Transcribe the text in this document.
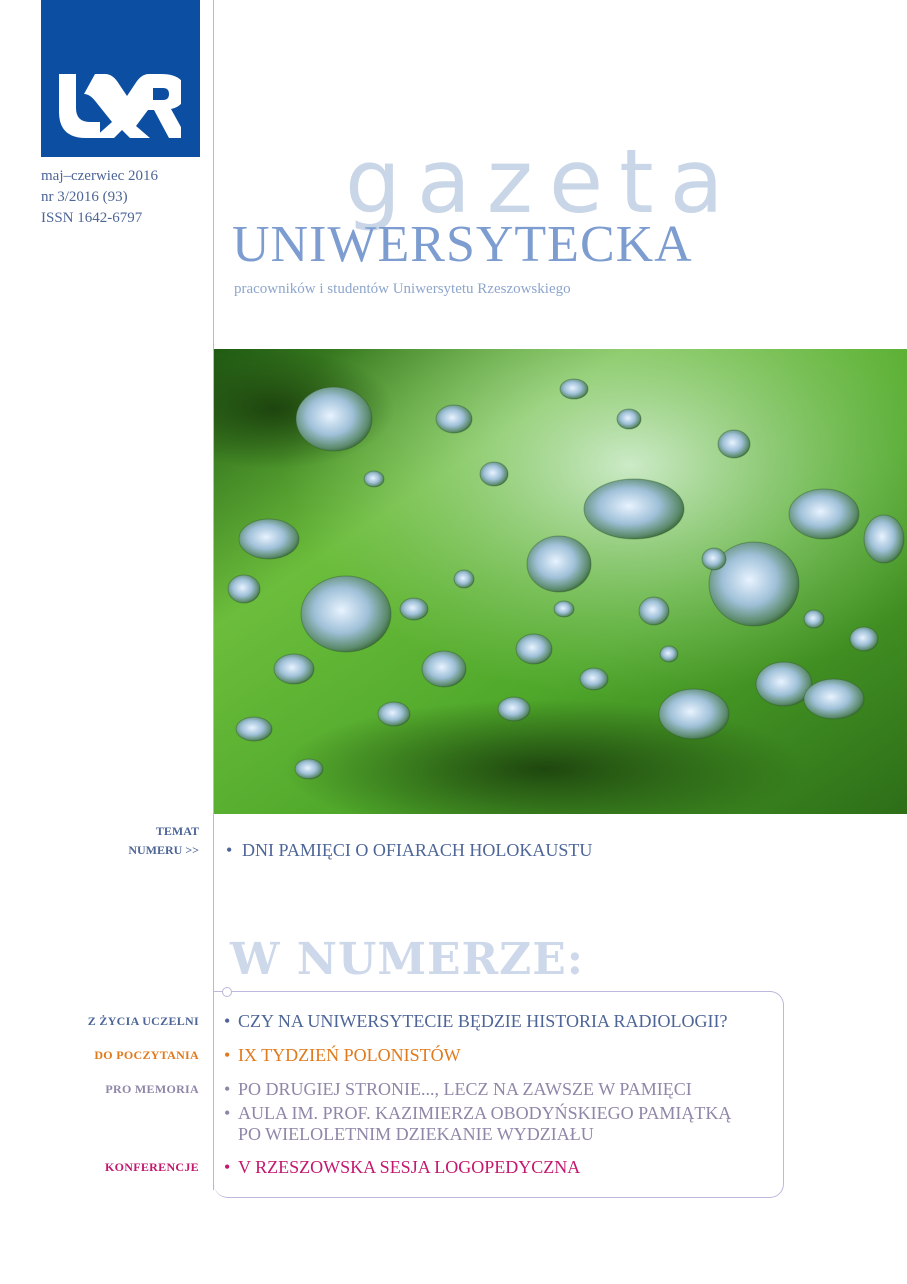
maj–czerwiec 2016
nr 3/2016 (93)
ISSN 1642-6797 gazeta
UNIWERSYTECKA
pracowników i studentów Uniwersytetu Rzeszowskiego
TEMAT
NUMERU >> • DNI PAMIĘCI O OFIARACH HOLOKAUSTU
W NUMERZE:
Z ŻYCIA UCZELNI • CZY NA UNIWERSYTECIE BĘDZIE HISTORIA RADIOLOGII?
DO POCZYTANIA • IX TYDZIEŃ POLONISTÓW
PRO MEMORIA • PO DRUGIEJ STRONIE..., LECZ NA ZAWSZE W PAMIĘCI
• AULA IM. PROF. KAZIMIERZA OBODYŃSKIEGO PAMIĄTKĄ
PO WIELOLETNIM DZIEKANIE WYDZIAŁU
KONFERENCJE • V RZESZOWSKA SESJA LOGOPEDYCZNA
